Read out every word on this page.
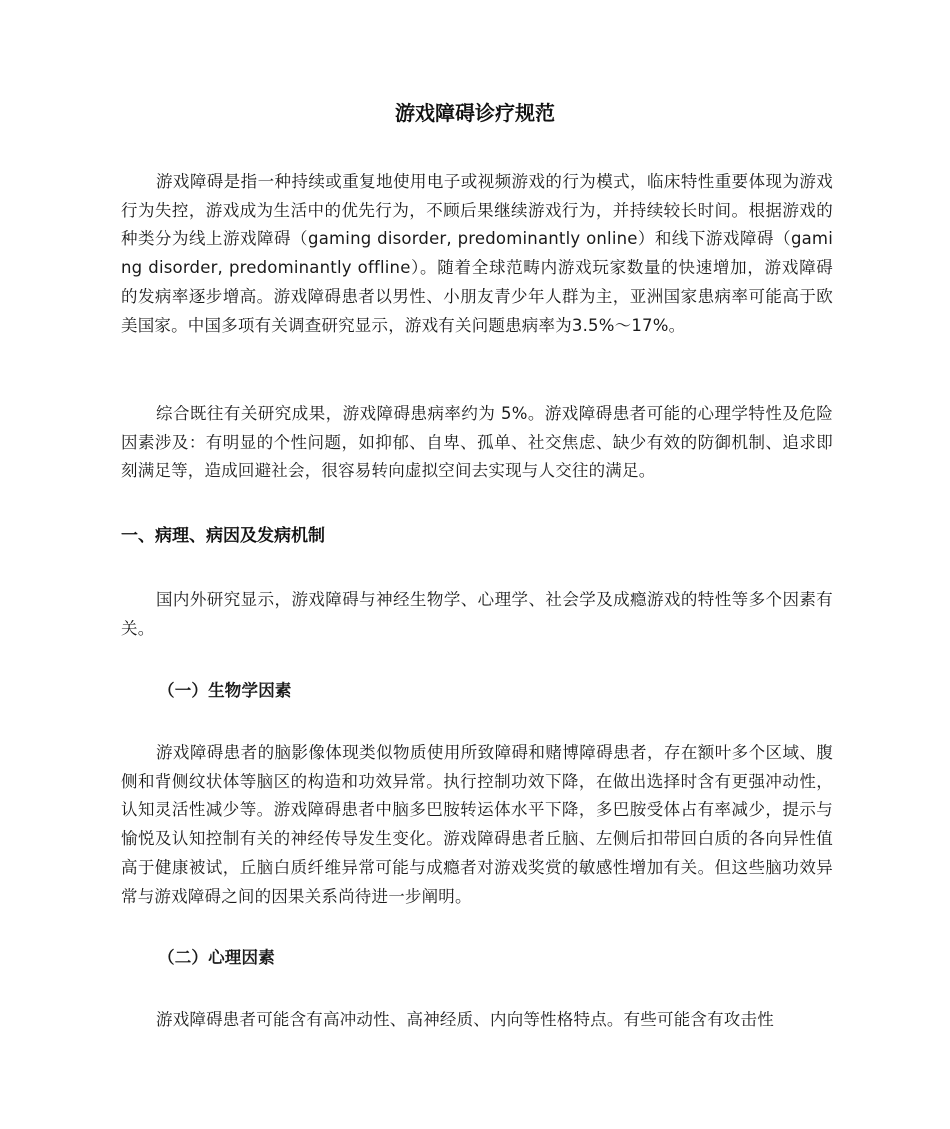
游戏障碍诊疗规范

游戏障碍是指一种持续或重复地使用电子或视频游戏的行为模式，临床特性重要体现为游戏行为失控，游戏成为生活中的优先行为，不顾后果继续游戏行为，并持续较长时间。根据游戏的种类分为线上游戏障碍（gaming disorder, predominantly online）和线下游戏障碍（gaming disorder, predominantly offline）。随着全球范畴内游戏玩家数量的快速增加，游戏障碍的发病率逐步增高。游戏障碍患者以男性、小朋友青少年人群为主，亚洲国家患病率可能高于欧美国家。中国多项有关调查研究显示，游戏有关问题患病率为3.5%～17%。

综合既往有关研究成果，游戏障碍患病率约为 5%。游戏障碍患者可能的心理学特性及危险因素涉及：有明显的个性问题，如抑郁、自卑、孤单、社交焦虑、缺少有效的防御机制、追求即刻满足等，造成回避社会，很容易转向虚拟空间去实现与人交往的满足。

一、病理、病因及发病机制

国内外研究显示，游戏障碍与神经生物学、心理学、社会学及成瘾游戏的特性等多个因素有关。

（一）生物学因素

游戏障碍患者的脑影像体现类似物质使用所致障碍和赌博障碍患者，存在额叶多个区域、腹侧和背侧纹状体等脑区的构造和功效异常。执行控制功效下降，在做出选择时含有更强冲动性，认知灵活性减少等。游戏障碍患者中脑多巴胺转运体水平下降，多巴胺受体占有率减少，提示与愉悦及认知控制有关的神经传导发生变化。游戏障碍患者丘脑、左侧后扣带回白质的各向异性值高于健康被试，丘脑白质纤维异常可能与成瘾者对游戏奖赏的敏感性增加有关。但这些脑功效异常与游戏障碍之间的因果关系尚待进一步阐明。

（二）心理因素

游戏障碍患者可能含有高冲动性、高神经质、内向等性格特点。有些可能含有攻击性
